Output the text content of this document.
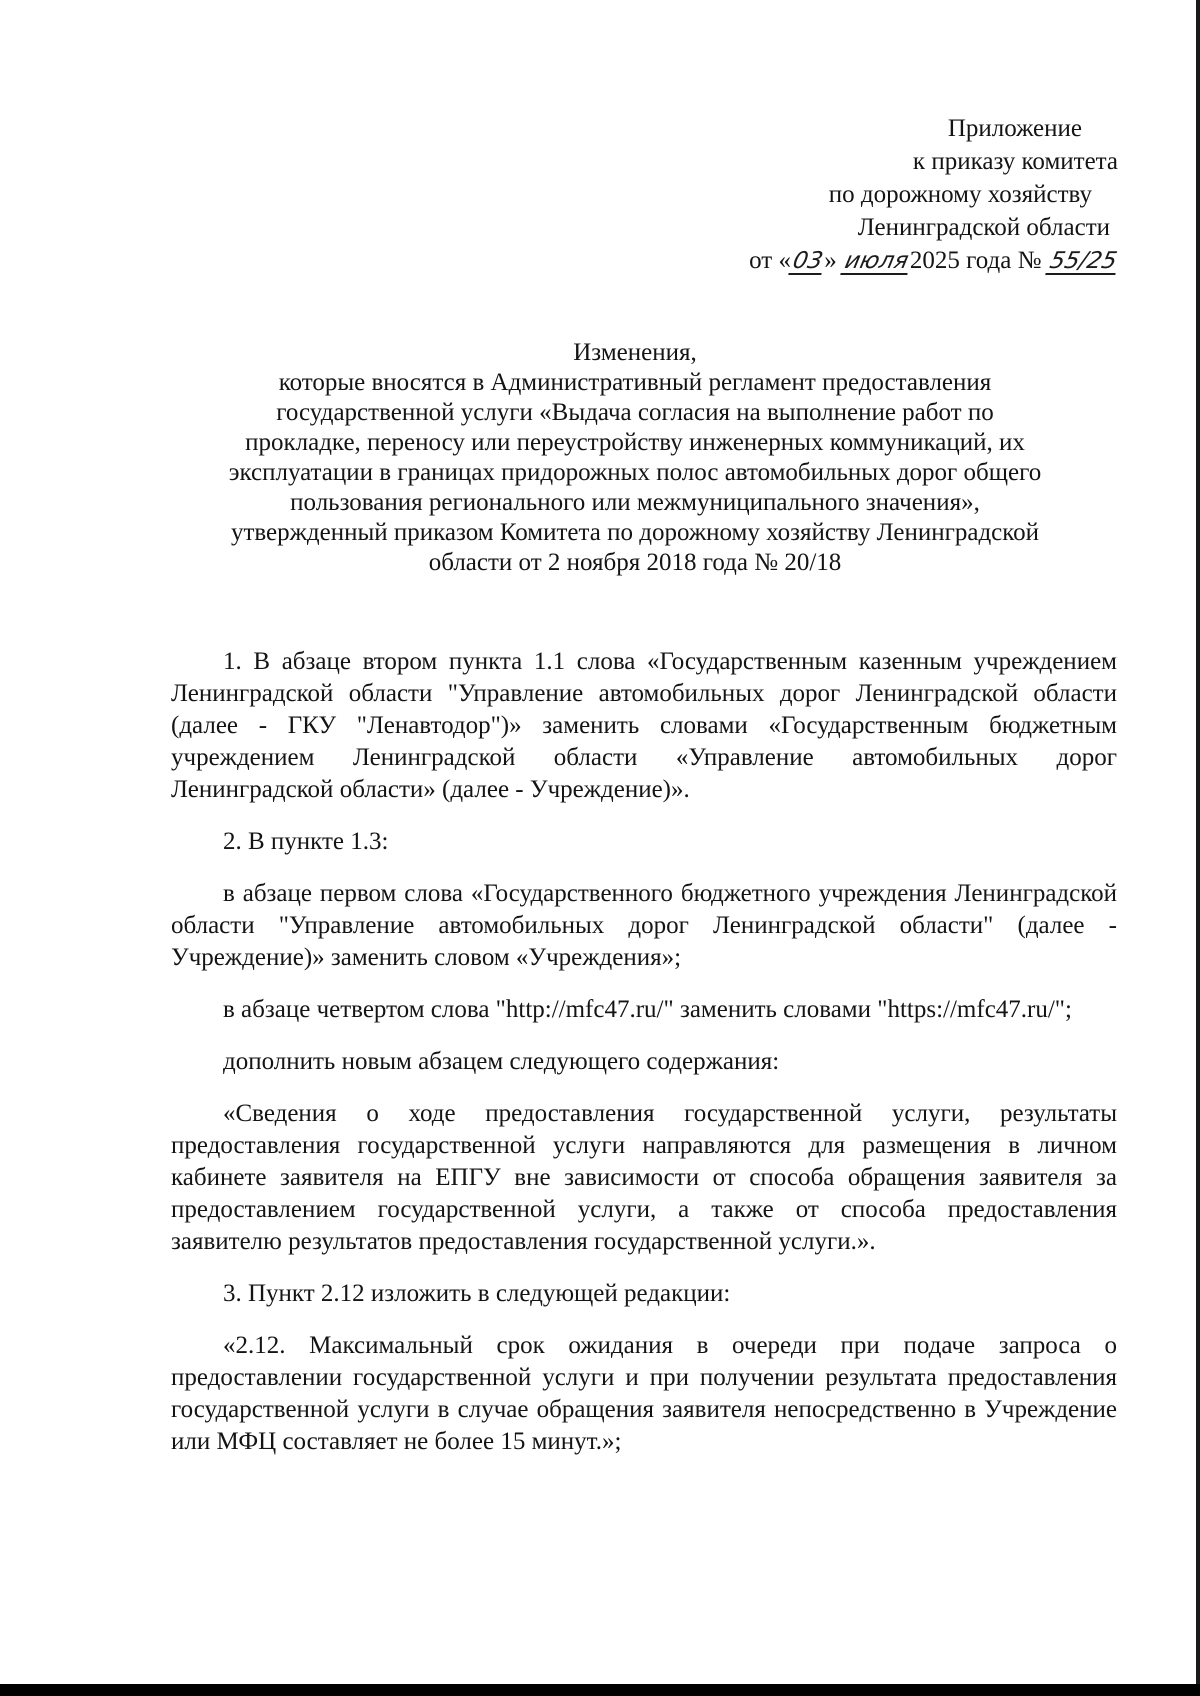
Приложение
к приказу комитета
по дорожному хозяйству
Ленинградской области
от «03» июля2025 года № 55/25
Изменения,
которые вносятся в Административный регламент предоставления
государственной услуги «Выдача согласия на выполнение работ по
прокладке, переносу или переустройству инженерных коммуникаций, их
эксплуатации в границах придорожных полос автомобильных дорог общего
пользования регионального или межмуниципального значения»,
утвержденный приказом Комитета по дорожному хозяйству Ленинградской
области от 2 ноября 2018 года № 20/18

1. В абзаце втором пункта 1.1 слова «Государственным казенным учреждением Ленинградской области "Управление автомобильных дорог Ленинградской области (далее - ГКУ "Ленавтодор")» заменить словами «Государственным бюджетным учреждением Ленинградской области «Управление автомобильных дорог Ленинградской области» (далее - Учреждение)».

2. В пункте 1.3:

в абзаце первом слова «Государственного бюджетного учреждения Ленинградской области "Управление автомобильных дорог Ленинградской области" (далее - Учреждение)» заменить словом «Учреждения»;

в абзаце четвертом слова "http://mfc47.ru/" заменить словами "https://mfc47.ru/";

дополнить новым абзацем следующего содержания:

«Сведения о ходе предоставления государственной услуги, результаты предоставления государственной услуги направляются для размещения в личном кабинете заявителя на ЕПГУ вне зависимости от способа обращения заявителя за предоставлением государственной услуги, а также от способа предоставления заявителю результатов предоставления государственной услуги.».

3. Пункт 2.12 изложить в следующей редакции:

«2.12. Максимальный срок ожидания в очереди при подаче запроса о предоставлении государственной услуги и при получении результата предоставления государственной услуги в случае обращения заявителя непосредственно в Учреждение или МФЦ составляет не более 15 минут.»;
